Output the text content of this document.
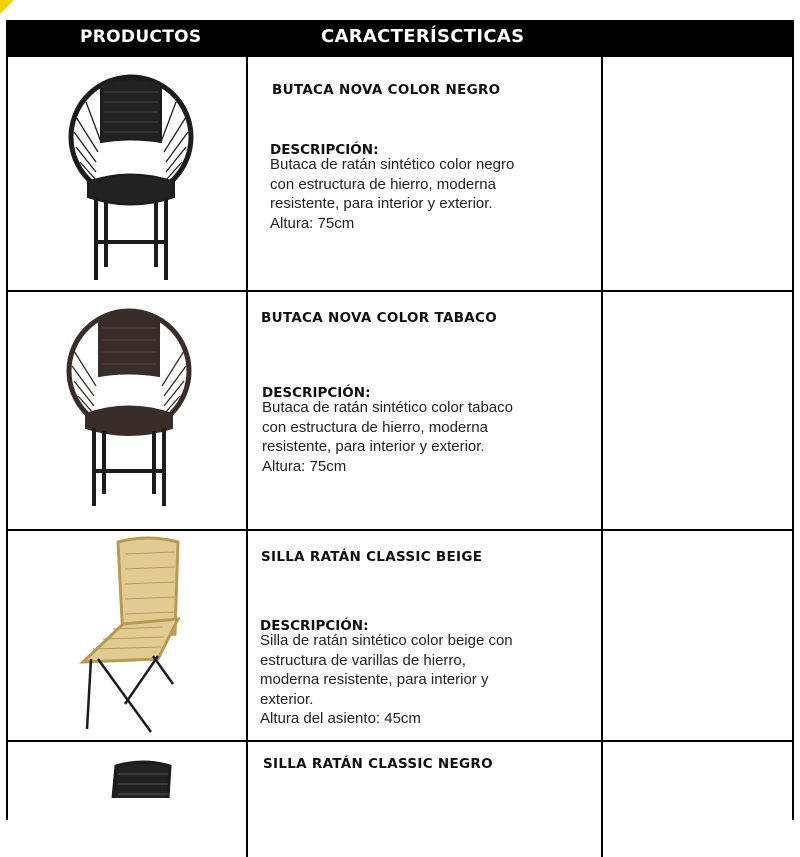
PRODUCTOS	CARACTERÍSCTICAS
BUTACA NOVA COLOR NEGRO
DESCRIPCIÓN:
Butaca de ratán sintético color negro
con estructura de hierro, moderna
resistente, para interior y exterior.
Altura: 75cm
BUTACA NOVA COLOR TABACO
DESCRIPCIÓN:
Butaca de ratán sintético color tabaco
con estructura de hierro, moderna
resistente, para interior y exterior.
Altura: 75cm
SILLA RATÁN CLASSIC BEIGE
DESCRIPCIÓN:
Silla de ratán sintético color beige con
estructura de varillas de hierro,
moderna resistente, para interior y
exterior.
Altura del asiento: 45cm
SILLA RATÁN CLASSIC NEGRO
